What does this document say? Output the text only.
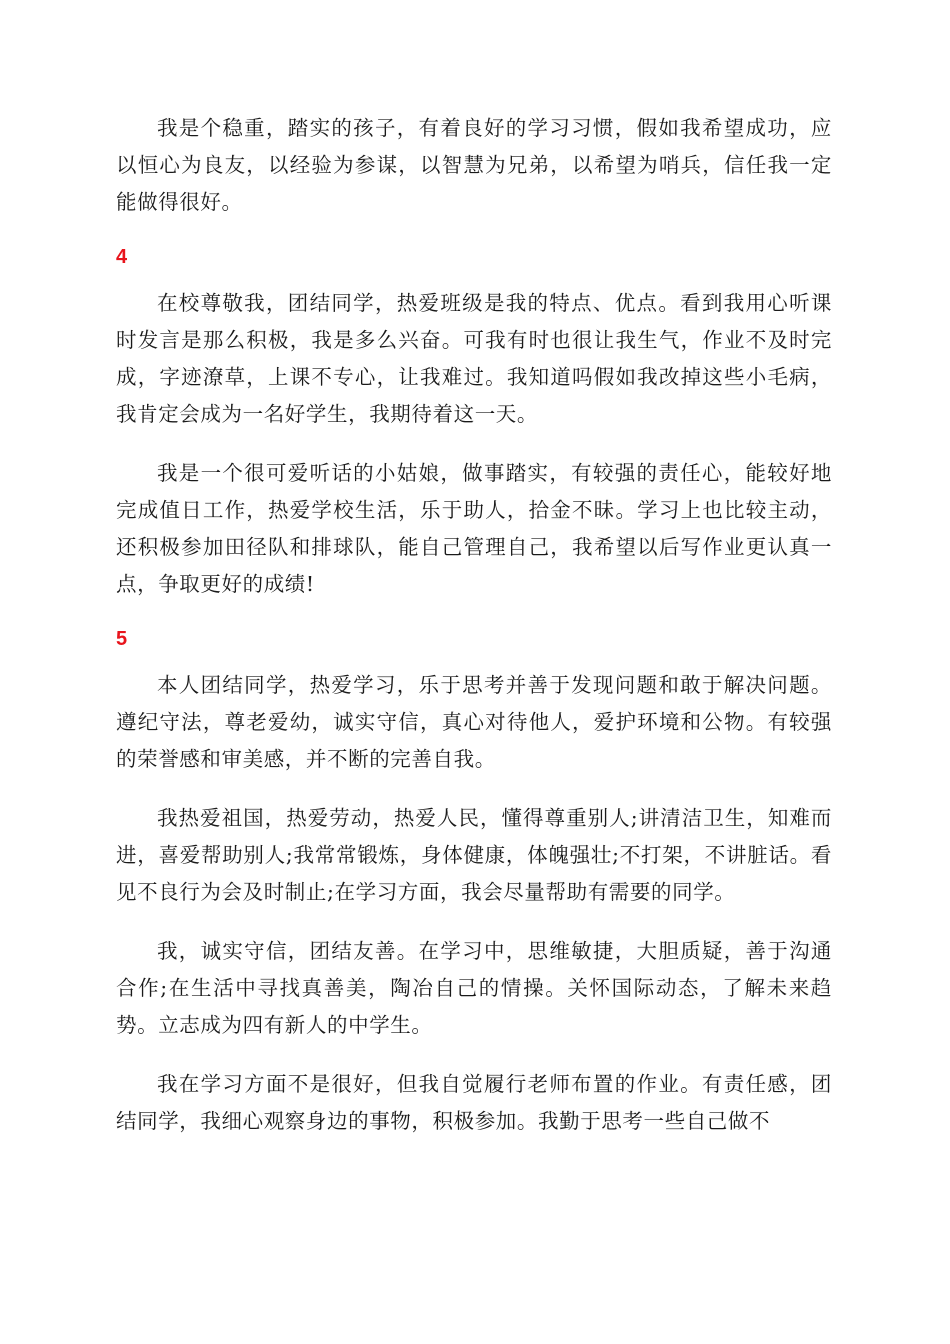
我是个稳重，踏实的孩子，有着良好的学习习惯，假如我希望成功，应以恒心为良友，以经验为参谋，以智慧为兄弟，以希望为哨兵，信任我一定能做得很好。

4

在校尊敬我，团结同学，热爱班级是我的特点、优点。看到我用心听课时发言是那么积极，我是多么兴奋。可我有时也很让我生气，作业不及时完成，字迹潦草，上课不专心，让我难过。我知道吗假如我改掉这些小毛病，我肯定会成为一名好学生，我期待着这一天。

我是一个很可爱听话的小姑娘，做事踏实，有较强的责任心，能较好地完成值日工作，热爱学校生活，乐于助人，拾金不昧。学习上也比较主动，还积极参加田径队和排球队，能自己管理自己，我希望以后写作业更认真一点，争取更好的成绩!

5

本人团结同学，热爱学习，乐于思考并善于发现问题和敢于解决问题。遵纪守法，尊老爱幼，诚实守信，真心对待他人，爱护环境和公物。有较强的荣誉感和审美感，并不断的完善自我。

我热爱祖国，热爱劳动，热爱人民，懂得尊重别人;讲清洁卫生，知难而进，喜爱帮助别人;我常常锻炼，身体健康，体魄强壮;不打架，不讲脏话。看见不良行为会及时制止;在学习方面，我会尽量帮助有需要的同学。

我，诚实守信，团结友善。在学习中，思维敏捷，大胆质疑，善于沟通合作;在生活中寻找真善美，陶冶自己的情操。关怀国际动态，了解未来趋势。立志成为四有新人的中学生。

我在学习方面不是很好，但我自觉履行老师布置的作业。有责任感，团结同学，我细心观察身边的事物，积极参加。我勤于思考一些自己做不
